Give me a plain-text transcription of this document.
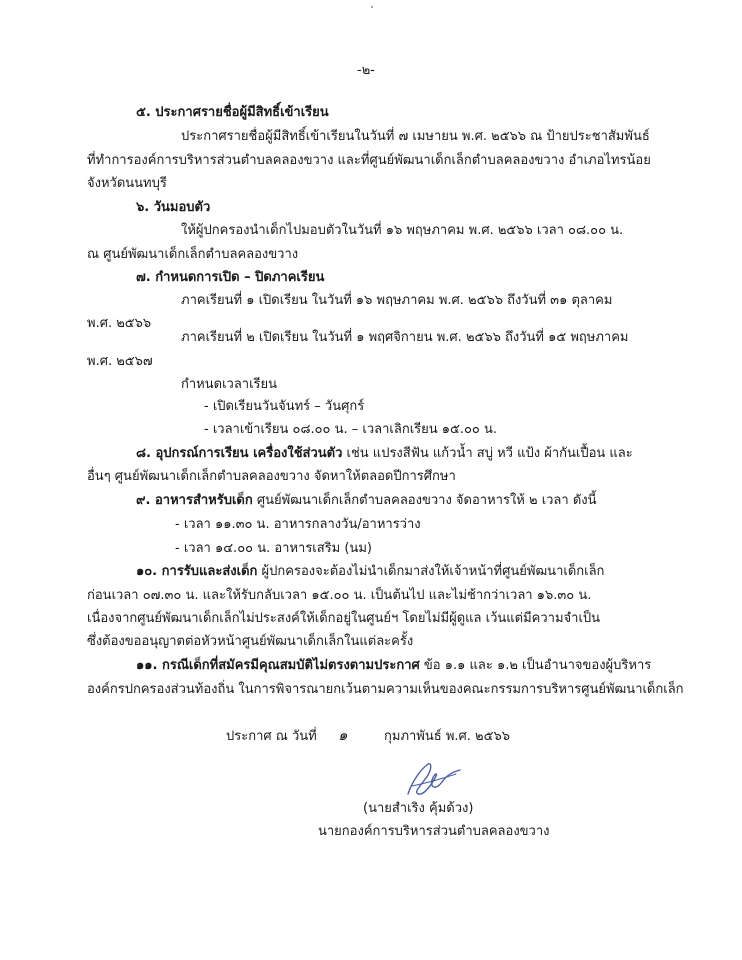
-๒-
๕. ประกาศรายชื่อผู้มีสิทธิ์เข้าเรียน
ประกาศรายชื่อผู้มีสิทธิ์เข้าเรียนในวันที่ ๗ เมษายน พ.ศ. ๒๕๖๖ ณ ป้ายประชาสัมพันธ์
ที่ทำการองค์การบริหารส่วนตำบลคลองขวาง และที่ศูนย์พัฒนาเด็กเล็กตำบลคลองขวาง อำเภอไทรน้อย
จังหวัดนนทบุรี
๖. วันมอบตัว
ให้ผู้ปกครองนำเด็กไปมอบตัวในวันที่ ๑๖ พฤษภาคม พ.ศ. ๒๕๖๖ เวลา ๐๘.๐๐ น.
ณ ศูนย์พัฒนาเด็กเล็กตำบลคลองขวาง
๗. กำหนดการเปิด – ปิดภาคเรียน
ภาคเรียนที่ ๑ เปิดเรียน ในวันที่ ๑๖ พฤษภาคม พ.ศ. ๒๕๖๖ ถึงวันที่ ๓๑ ตุลาคม
พ.ศ. ๒๕๖๖
ภาคเรียนที่ ๒ เปิดเรียน ในวันที่ ๑ พฤศจิกายน พ.ศ. ๒๕๖๖ ถึงวันที่ ๑๕ พฤษภาคม
พ.ศ. ๒๕๖๗
กำหนดเวลาเรียน
- เปิดเรียนวันจันทร์ – วันศุกร์
- เวลาเข้าเรียน ๐๘.๐๐ น. – เวลาเลิกเรียน ๑๕.๐๐ น.
๘. อุปกรณ์การเรียน เครื่องใช้ส่วนตัว เช่น แปรงสีฟัน แก้วน้ำ สบู่ หวี แป้ง ผ้ากันเปื้อน และ
อื่นๆ ศูนย์พัฒนาเด็กเล็กตำบลคลองขวาง จัดหาให้ตลอดปีการศึกษา
๙. อาหารสำหรับเด็ก ศูนย์พัฒนาเด็กเล็กตำบลคลองขวาง จัดอาหารให้ ๒ เวลา ดังนี้
- เวลา ๑๑.๓๐ น. อาหารกลางวัน/อาหารว่าง
- เวลา ๑๔.๐๐ น. อาหารเสริม (นม)
๑๐. การรับและส่งเด็ก ผู้ปกครองจะต้องไม่นำเด็กมาส่งให้เจ้าหน้าที่ศูนย์พัฒนาเด็กเล็ก
ก่อนเวลา ๐๗.๓๐ น. และให้รับกลับเวลา ๑๕.๐๐ น. เป็นต้นไป และไม่ช้ากว่าเวลา ๑๖.๓๐ น.
เนื่องจากศูนย์พัฒนาเด็กเล็กไม่ประสงค์ให้เด็กอยู่ในศูนย์ฯ โดยไม่มีผู้ดูแล เว้นแต่มีความจำเป็น
ซึ่งต้องขออนุญาตต่อหัวหน้าศูนย์พัฒนาเด็กเล็กในแต่ละครั้ง
๑๑. กรณีเด็กที่สมัครมีคุณสมบัติไม่ตรงตามประกาศ ข้อ ๑.๑ และ ๑.๒ เป็นอำนาจของผู้บริหาร
องค์กรปกครองส่วนท้องถิ่น ในการพิจารณายกเว้นตามความเห็นของคณะกรรมการบริหารศูนย์พัฒนาเด็กเล็ก
ประกาศ ณ วันที่ ๑	กุมภาพันธ์ พ.ศ. ๒๕๖๖
(นายสำเริง คุ้มด้วง)
นายกองค์การบริหารส่วนตำบลคลองขวาง
